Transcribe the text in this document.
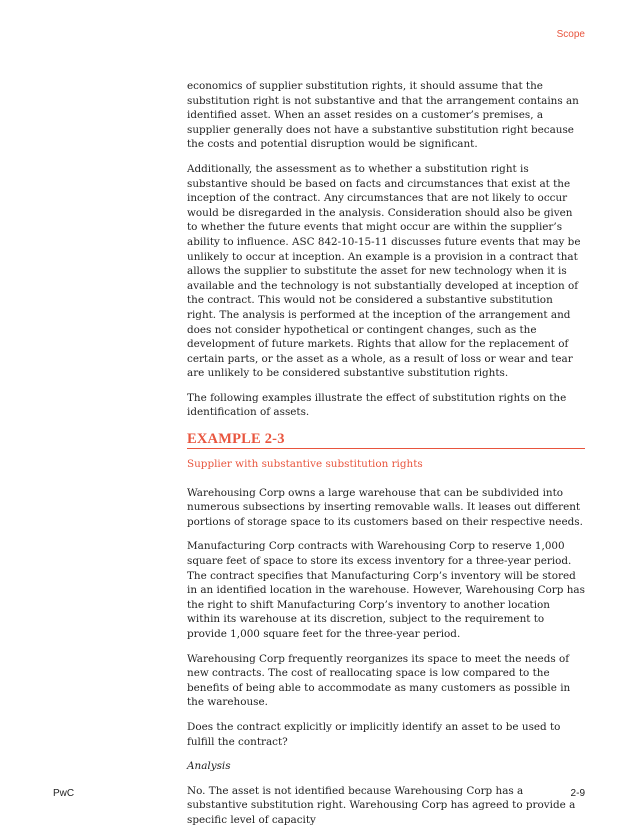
Scope

economics of supplier substitution rights, it should assume that the substitution right is not substantive and that the arrangement contains an identified asset. When an asset resides on a customer’s premises, a supplier generally does not have a substantive substitution right because the costs and potential disruption would be significant.

Additionally, the assessment as to whether a substitution right is substantive should be based on facts and circumstances that exist at the inception of the contract. Any circumstances that are not likely to occur would be disregarded in the analysis. Consideration should also be given to whether the future events that might occur are within the supplier’s ability to influence. ASC 842-10-15-11 discusses future events that may be unlikely to occur at inception. An example is a provision in a contract that allows the supplier to substitute the asset for new technology when it is available and the technology is not substantially developed at inception of the contract. This would not be considered a substantive substitution right. The analysis is performed at the inception of the arrangement and does not consider hypothetical or contingent changes, such as the development of future markets. Rights that allow for the replacement of certain parts, or the asset as a whole, as a result of loss or wear and tear are unlikely to be considered substantive substitution rights.

The following examples illustrate the effect of substitution rights on the identification of assets.

EXAMPLE 2-3

Supplier with substantive substitution rights

Warehousing Corp owns a large warehouse that can be subdivided into numerous subsections by inserting removable walls. It leases out different portions of storage space to its customers based on their respective needs.

Manufacturing Corp contracts with Warehousing Corp to reserve 1,000 square feet of space to store its excess inventory for a three-year period. The contract specifies that Manufacturing Corp’s inventory will be stored in an identified location in the warehouse. However, Warehousing Corp has the right to shift Manufacturing Corp’s inventory to another location within its warehouse at its discretion, subject to the requirement to provide 1,000 square feet for the three-year period.

Warehousing Corp frequently reorganizes its space to meet the needs of new contracts. The cost of reallocating space is low compared to the benefits of being able to accommodate as many customers as possible in the warehouse.

Does the contract explicitly or implicitly identify an asset to be used to fulfill the contract?

Analysis

No. The asset is not identified because Warehousing Corp has a substantive substitution right. Warehousing Corp has agreed to provide a specific level of capacity

PwC	2-9
